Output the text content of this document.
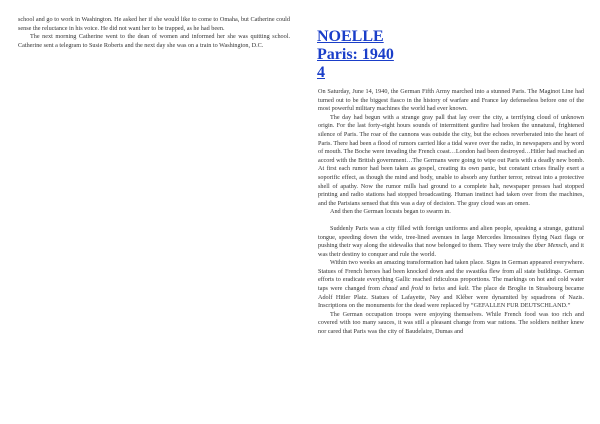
school and go to work in Washington. He asked her if she would like to come to Omaha, but Catherine could sense the reluctance in his voice. He did not want her to be trapped, as he had been.

The next morning Catherine went to the dean of women and informed her she was quitting school. Catherine sent a telegram to Susie Roberts and the next day she was on a train to Washington, D.C.

NOELLE
Paris: 1940
4

On Saturday, June 14, 1940, the German Fifth Army marched into a stunned Paris. The Maginot Line had turned out to be the biggest fiasco in the history of warfare and France lay defenseless before one of the most powerful military machines the world had ever known.

The day had begun with a strange gray pall that lay over the city, a terrifying cloud of unknown origin. For the last forty-eight hours sounds of intermittent gunfire had broken the unnatural, frightened silence of Paris. The roar of the cannons was outside the city, but the echoes reverberated into the heart of Paris. There had been a flood of rumors carried like a tidal wave over the radio, in newspapers and by word of mouth. The Boche were invading the French coast…London had been destroyed…Hitler had reached an accord with the British government…The Germans were going to wipe out Paris with a deadly new bomb. At first each rumor had been taken as gospel, creating its own panic, but constant crises finally exert a soporific effect, as though the mind and body, unable to absorb any further terror, retreat into a protective shell of apathy. Now the rumor mills had ground to a complete halt, newspaper presses had stopped printing and radio stations had stopped broadcasting. Human instinct had taken over from the machines, and the Parisians sensed that this was a day of decision. The gray cloud was an omen.

And then the German locusts began to swarm in.

Suddenly Paris was a city filled with foreign uniforms and alien people, speaking a strange, guttural tongue, speeding down the wide, tree-lined avenues in large Mercedes limousines flying Nazi flags or pushing their way along the sidewalks that now belonged to them. They were truly the über Mensch, and it was their destiny to conquer and rule the world.

Within two weeks an amazing transformation had taken place. Signs in German appeared everywhere. Statues of French heroes had been knocked down and the swastika flew from all state buildings. German efforts to eradicate everything Gallic reached ridiculous proportions. The markings on hot and cold water taps were changed from chaud and froid to heiss and kalt. The place de Broglie in Strasbourg became Adolf Hitler Platz. Statues of Lafayette, Ney and Kléber were dynamited by squadrons of Nazis. Inscriptions on the monuments for the dead were replaced by “GEFALLEN FUR DEUTSCHLAND.”

The German occupation troops were enjoying themselves. While French food was too rich and covered with too many sauces, it was still a pleasant change from war rations. The soldiers neither knew nor cared that Paris was the city of Baudelaire, Dumas and
